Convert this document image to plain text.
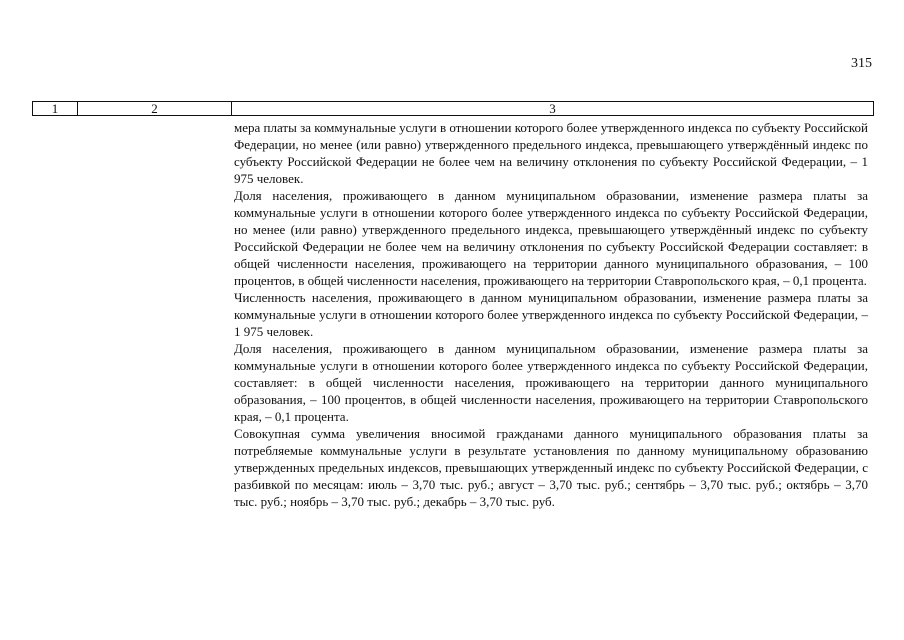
315
1	2	3

мера платы за коммунальные услуги в отношении которого более утвержденного индекса по субъекту Российской Федерации, но менее (или равно) утвержденного предельного индекса, превышающего утверждённый индекс по субъекту Российской Федерации не более чем на величину отклонения по субъекту Российской Федерации, – 1 975 человек.

Доля населения, проживающего в данном муниципальном образовании, изменение размера платы за коммунальные услуги в отношении которого более утвержденного индекса по субъекту Российской Федерации, но менее (или равно) утвержденного предельного индекса, превышающего утверждённый индекс по субъекту Российской Федерации не более чем на величину отклонения по субъекту Российской Федерации составляет: в общей численности населения, проживающего на территории данного муниципального образования, – 100 процентов, в общей численности населения, проживающего на территории Ставропольского края, – 0,1 процента.

Численность населения, проживающего в данном муниципальном образовании, изменение размера платы за коммунальные услуги в отношении которого более утвержденного индекса по субъекту Российской Федерации, – 1 975 человек.

Доля населения, проживающего в данном муниципальном образовании, изменение размера платы за коммунальные услуги в отношении которого более утвержденного индекса по субъекту Российской Федерации, составляет: в общей численности населения, проживающего на территории данного муниципального образования, – 100 процентов, в общей численности населения, проживающего на территории Ставропольского края, – 0,1 процента.

Совокупная сумма увеличения вносимой гражданами данного муниципального образования платы за потребляемые коммунальные услуги в результате установления по данному муниципальному образованию утвержденных предельных индексов, превышающих утвержденный индекс по субъекту Российской Федерации, с разбивкой по месяцам: июль – 3,70 тыс. руб.; август – 3,70 тыс. руб.; сентябрь – 3,70 тыс. руб.; октябрь – 3,70 тыс. руб.; ноябрь – 3,70 тыс. руб.; декабрь – 3,70 тыс. руб.
